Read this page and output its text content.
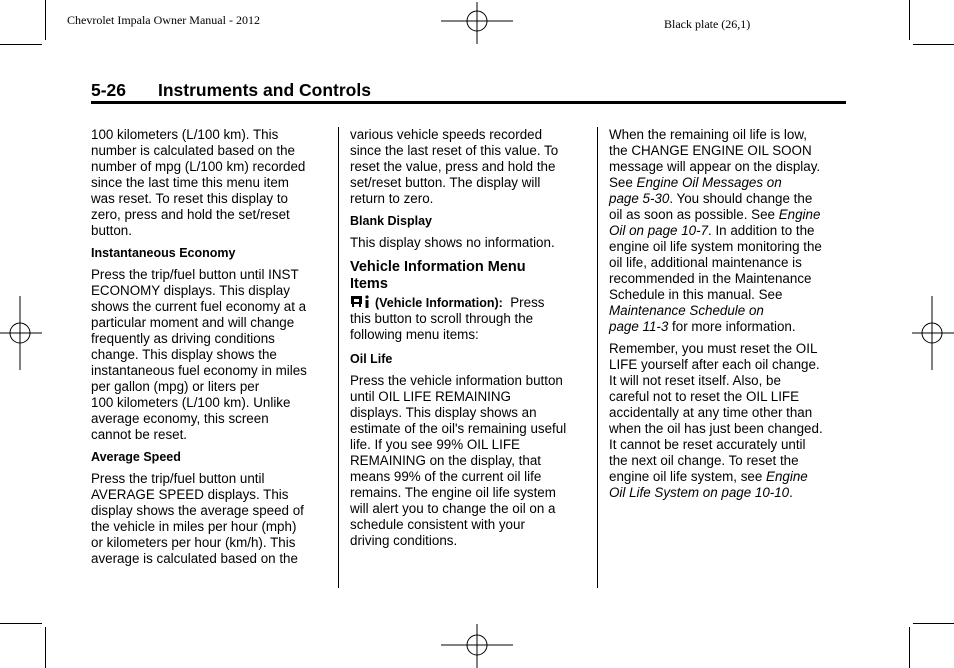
Chevrolet Impala Owner Manual - 2012	Black plate (26,1)
5-26 Instruments and Controls
100 kilometers (L/100 km). This
number is calculated based on the
number of mpg (L/100 km) recorded
since the last time this menu item
was reset. To reset this display to
zero, press and hold the set/reset
button.
Instantaneous Economy
Press the trip/fuel button until INST
ECONOMY displays. This display
shows the current fuel economy at a
particular moment and will change
frequently as driving conditions
change. This display shows the
instantaneous fuel economy in miles
per gallon (mpg) or liters per
100 kilometers (L/100 km). Unlike
average economy, this screen
cannot be reset.
Average Speed
Press the trip/fuel button until
AVERAGE SPEED displays. This
display shows the average speed of
the vehicle in miles per hour (mph)
or kilometers per hour (km/h). This
average is calculated based on the
various vehicle speeds recorded
since the last reset of this value. To
reset the value, press and hold the
set/reset button. The display will
return to zero.
Blank Display
This display shows no information.
Vehicle Information Menu Items
(Vehicle Information): Press
this button to scroll through the
following menu items:
Oil Life
Press the vehicle information button
until OIL LIFE REMAINING
displays. This display shows an
estimate of the oil's remaining useful
life. If you see 99% OIL LIFE
REMAINING on the display, that
means 99% of the current oil life
remains. The engine oil life system
will alert you to change the oil on a
schedule consistent with your
driving conditions.
When the remaining oil life is low,
the CHANGE ENGINE OIL SOON
message will appear on the display.
See Engine Oil Messages on
page 5-30. You should change the
oil as soon as possible. See Engine
Oil on page 10-7. In addition to the
engine oil life system monitoring the
oil life, additional maintenance is
recommended in the Maintenance
Schedule in this manual. See
Maintenance Schedule on
page 11-3 for more information.
Remember, you must reset the OIL
LIFE yourself after each oil change.
It will not reset itself. Also, be
careful not to reset the OIL LIFE
accidentally at any time other than
when the oil has just been changed.
It cannot be reset accurately until
the next oil change. To reset the
engine oil life system, see Engine
Oil Life System on page 10-10.
